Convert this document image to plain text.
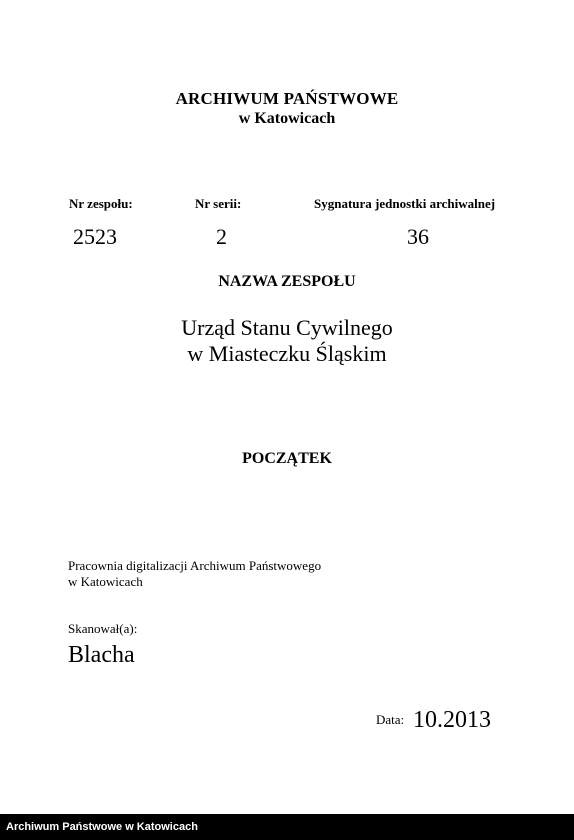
ARCHIWUM PAŃSTWOWE
w Katowicach
Nr zespołu:	Nr serii:	Sygnatura jednostki archiwalnej
2523	2	36
NAZWA ZESPOŁU
Urząd Stanu Cywilnego
w Miasteczku Śląskim
POCZĄTEK
Pracownia digitalizacji Archiwum Państwowego
w Katowicach
Skanował(a):
Blacha
Data: 10.2013
Archiwum Państwowe w Katowicach
